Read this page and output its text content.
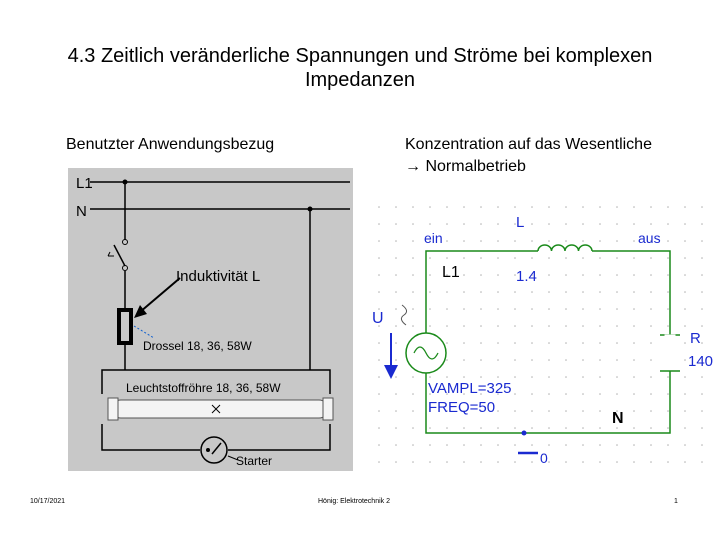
4.3 Zeitlich veränderliche Spannungen und Ströme bei komplexen Impedanzen
Benutzter Anwendungsbezug	Konzentration auf das Wesentliche
→ Normalbetrieb
L1
N
Drossel 18, 36, 58W
Leuchtstoffröhre 18, 36, 58W
Starter
Induktivität L
ein	aus
L
1.4
L1
U
VAMPL=325
FREQ=50
N
R
140
0
10/17/2021	Hönig: Elektrotechnik 2	1
